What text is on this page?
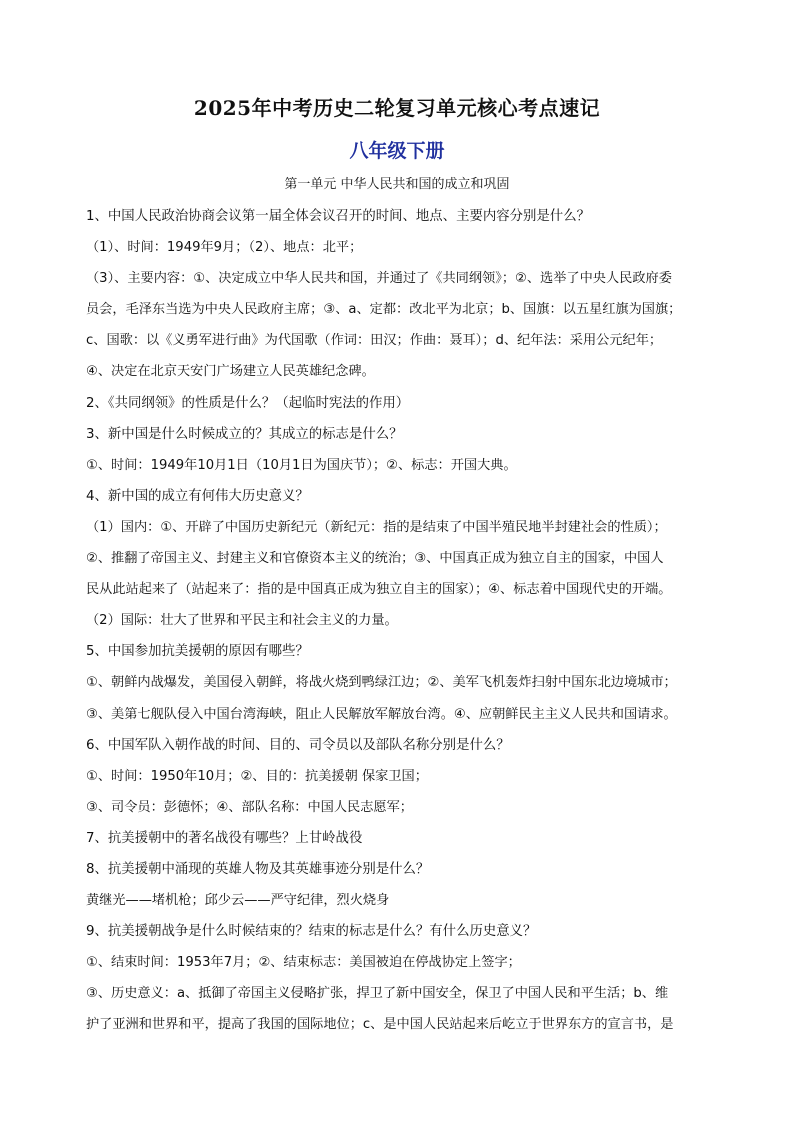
2025年中考历史二轮复习单元核心考点速记
八年级下册
第一单元 中华人民共和国的成立和巩固
1、中国人民政治协商会议第一届全体会议召开的时间、地点、主要内容分别是什么？
（1）、时间：1949年9月；（2）、地点：北平；
（3）、主要内容：①、决定成立中华人民共和国，并通过了《共同纲领》；②、选举了中央人民政府委
员会，毛泽东当选为中央人民政府主席；③、a、定都：改北平为北京；b、国旗：以五星红旗为国旗；
c、国歌：以《义勇军进行曲》为代国歌（作词：田汉；作曲：聂耳）；d、纪年法：采用公元纪年；
④、决定在北京天安门广场建立人民英雄纪念碑。
2、《共同纲领》的性质是什么？（起临时宪法的作用）
3、新中国是什么时候成立的？其成立的标志是什么？
①、时间：1949年10月1日（10月1日为国庆节）；②、标志：开国大典。
4、新中国的成立有何伟大历史意义？
（1）国内：①、开辟了中国历史新纪元（新纪元：指的是结束了中国半殖民地半封建社会的性质）；
②、推翻了帝国主义、封建主义和官僚资本主义的统治；③、中国真正成为独立自主的国家，中国人
民从此站起来了（站起来了：指的是中国真正成为独立自主的国家）；④、标志着中国现代史的开端。
（2）国际：壮大了世界和平民主和社会主义的力量。
5、中国参加抗美援朝的原因有哪些？
①、朝鲜内战爆发，美国侵入朝鲜，将战火烧到鸭绿江边；②、美军飞机轰炸扫射中国东北边境城市；
③、美第七舰队侵入中国台湾海峡，阻止人民解放军解放台湾。④、应朝鲜民主主义人民共和国请求。
6、中国军队入朝作战的时间、目的、司令员以及部队名称分别是什么？
①、时间：1950年10月；②、目的：抗美援朝 保家卫国；
③、司令员：彭德怀；④、部队名称：中国人民志愿军；
7、抗美援朝中的著名战役有哪些？上甘岭战役
8、抗美援朝中涌现的英雄人物及其英雄事迹分别是什么？
黄继光——堵机枪；邱少云——严守纪律，烈火烧身
9、抗美援朝战争是什么时候结束的？结束的标志是什么？有什么历史意义？
①、结束时间：1953年7月；②、结束标志：美国被迫在停战协定上签字；
③、历史意义：a、抵御了帝国主义侵略扩张，捍卫了新中国安全，保卫了中国人民和平生活；b、维
护了亚洲和世界和平，提高了我国的国际地位；c、是中国人民站起来后屹立于世界东方的宣言书，是
